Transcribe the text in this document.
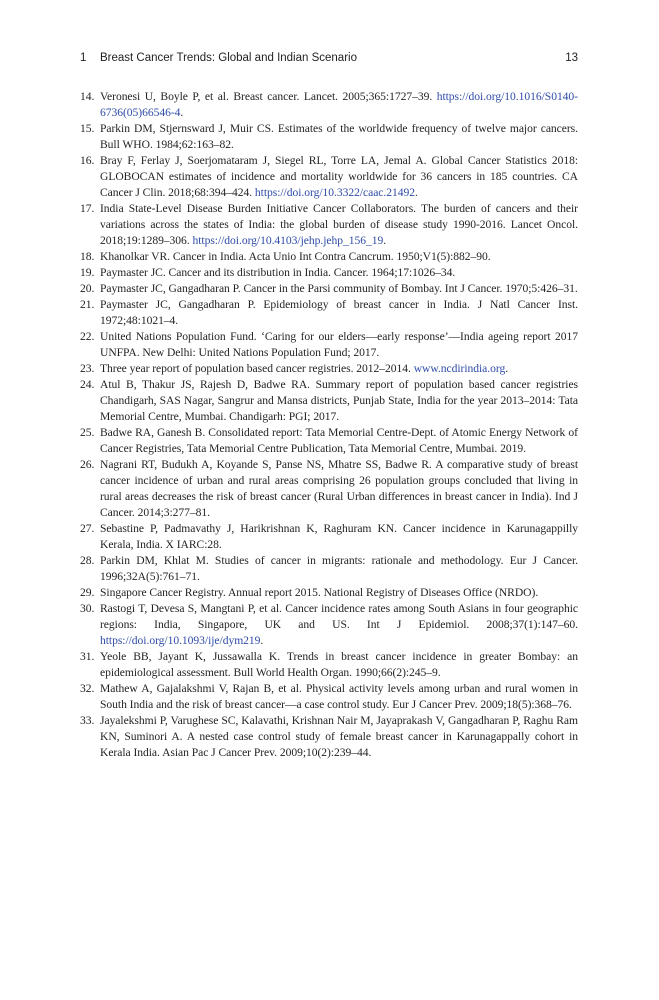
1 Breast Cancer Trends: Global and Indian Scenario	13
14. Veronesi U, Boyle P, et al. Breast cancer. Lancet. 2005;365:1727–39. https://doi.org/10.1016/S0140-6736(05)66546-4.
15. Parkin DM, Stjernsward J, Muir CS. Estimates of the worldwide frequency of twelve major cancers. Bull WHO. 1984;62:163–82.
16. Bray F, Ferlay J, Soerjomataram J, Siegel RL, Torre LA, Jemal A. Global Cancer Statistics 2018: GLOBOCAN estimates of incidence and mortality worldwide for 36 cancers in 185 countries. CA Cancer J Clin. 2018;68:394–424. https://doi.org/10.3322/caac.21492.
17. India State-Level Disease Burden Initiative Cancer Collaborators. The burden of cancers and their variations across the states of India: the global burden of disease study 1990-2016. Lancet Oncol. 2018;19:1289–306. https://doi.org/10.4103/jehp.jehp_156_19.
18. Khanolkar VR. Cancer in India. Acta Unio Int Contra Cancrum. 1950;V1(5):882–90.
19. Paymaster JC. Cancer and its distribution in India. Cancer. 1964;17:1026–34.
20. Paymaster JC, Gangadharan P. Cancer in the Parsi community of Bombay. Int J Cancer. 1970;5:426–31.
21. Paymaster JC, Gangadharan P. Epidemiology of breast cancer in India. J Natl Cancer Inst. 1972;48:1021–4.
22. United Nations Population Fund. ‘Caring for our elders—early response’—India ageing report 2017 UNFPA. New Delhi: United Nations Population Fund; 2017.
23. Three year report of population based cancer registries. 2012–2014. www.ncdirindia.org.
24. Atul B, Thakur JS, Rajesh D, Badwe RA. Summary report of population based cancer registries Chandigarh, SAS Nagar, Sangrur and Mansa districts, Punjab State, India for the year 2013–2014: Tata Memorial Centre, Mumbai. Chandigarh: PGI; 2017.
25. Badwe RA, Ganesh B. Consolidated report: Tata Memorial Centre-Dept. of Atomic Energy Network of Cancer Registries, Tata Memorial Centre Publication, Tata Memorial Centre, Mumbai. 2019.
26. Nagrani RT, Budukh A, Koyande S, Panse NS, Mhatre SS, Badwe R. A comparative study of breast cancer incidence of urban and rural areas comprising 26 population groups concluded that living in rural areas decreases the risk of breast cancer (Rural Urban differences in breast cancer in India). Ind J Cancer. 2014;3:277–81.
27. Sebastine P, Padmavathy J, Harikrishnan K, Raghuram KN. Cancer incidence in Karunagappilly Kerala, India. X IARC:28.
28. Parkin DM, Khlat M. Studies of cancer in migrants: rationale and methodology. Eur J Cancer. 1996;32A(5):761–71.
29. Singapore Cancer Registry. Annual report 2015. National Registry of Diseases Office (NRDO).
30. Rastogi T, Devesa S, Mangtani P, et al. Cancer incidence rates among South Asians in four geographic regions: India, Singapore, UK and US. Int J Epidemiol. 2008;37(1):147–60. https://doi.org/10.1093/ije/dym219.
31. Yeole BB, Jayant K, Jussawalla K. Trends in breast cancer incidence in greater Bombay: an epidemiological assessment. Bull World Health Organ. 1990;66(2):245–9.
32. Mathew A, Gajalakshmi V, Rajan B, et al. Physical activity levels among urban and rural women in South India and the risk of breast cancer—a case control study. Eur J Cancer Prev. 2009;18(5):368–76.
33. Jayalekshmi P, Varughese SC, Kalavathi, Krishnan Nair M, Jayaprakash V, Gangadharan P, Raghu Ram KN, Suminori A. A nested case control study of female breast cancer in Karunagappally cohort in Kerala India. Asian Pac J Cancer Prev. 2009;10(2):239–44.
